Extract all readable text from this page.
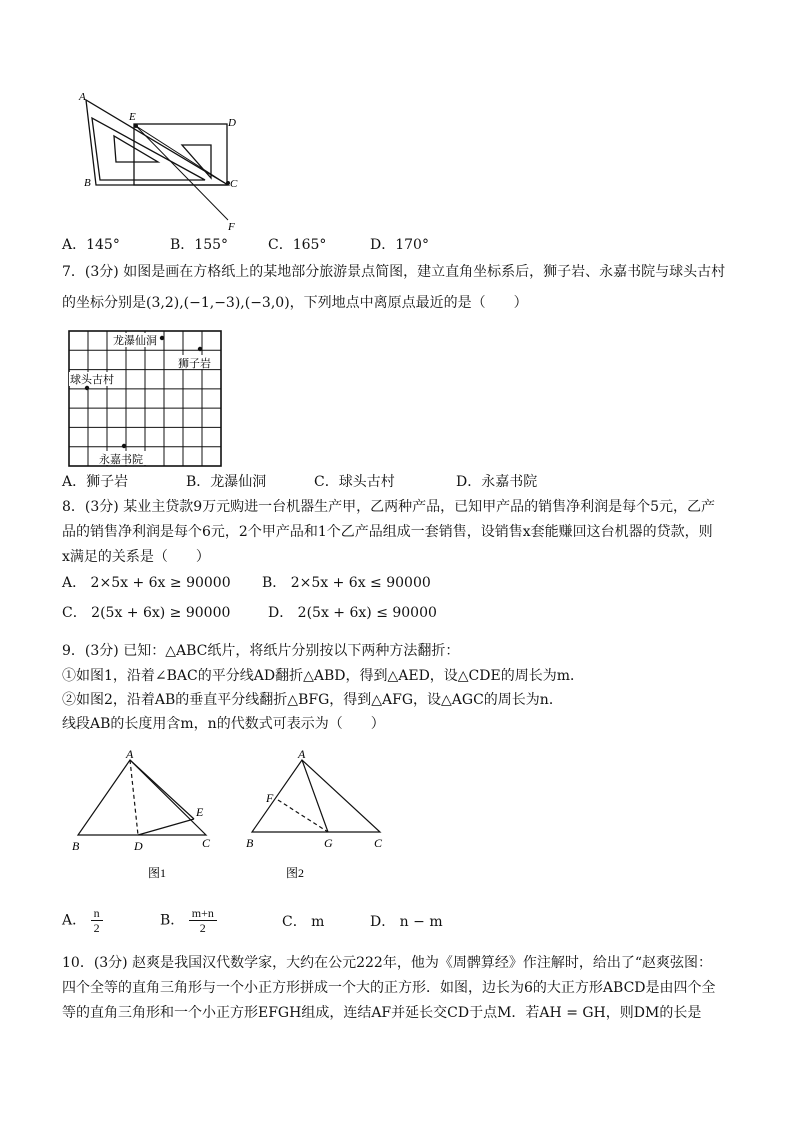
A
E	D
B	C
F
A．145°	B．155°	C．165°	D．170°
7．(3分) 如图是画在方格纸上的某地部分旅游景点简图，建立直角坐标系后，狮子岩、永嘉书院与球头古村
的坐标分别是(3,2),(−1,−3),(−3,0)，下列地点中离原点最近的是（　　）
龙瀑仙洞
狮子岩
球头古村
永嘉书院
A．狮子岩	B．龙瀑仙洞	C．球头古村	D．永嘉书院
8．(3分) 某业主贷款9万元购进一台机器生产甲，乙两种产品，已知甲产品的销售净利润是每个5元，乙产
品的销售净利润是每个6元，2个甲产品和1个乙产品组成一套销售，设销售x套能赚回这台机器的贷款，则
x满足的关系是（　　）
A． 2×5x + 6x ≥ 90000 B． 2×5x + 6x ≤ 90000
C． 2(5x + 6x) ≥ 90000	D． 2(5x + 6x) ≤ 90000
9．(3分) 已知：△ABC纸片，将纸片分别按以下两种方法翻折：
①如图1，沿着∠BAC的平分线AD翻折△ABD，得到△AED，设△CDE的周长为m．
②如图2，沿着AB的垂直平分线翻折△BFG，得到△AFG，设△AGC的周长为n．
线段AB的长度用含m，n的代数式可表示为（　　）
A
B	D
E
C
图1
A
F
B	G	C
图2
A． $\frac{n}{2}$	B． $\frac{m+n}{2}$	C． m	D． n − m
10．(3分) 赵爽是我国汉代数学家，大约在公元222年，他为《周髀算经》作注解时，给出了“赵爽弦图：
四个全等的直角三角形与一个小正方形拼成一个大的正方形．如图，边长为6的大正方形ABCD是由四个全
等的直角三角形和一个小正方形EFGH组成，连结AF并延长交CD于点M．若AH = GH，则DM的长是
